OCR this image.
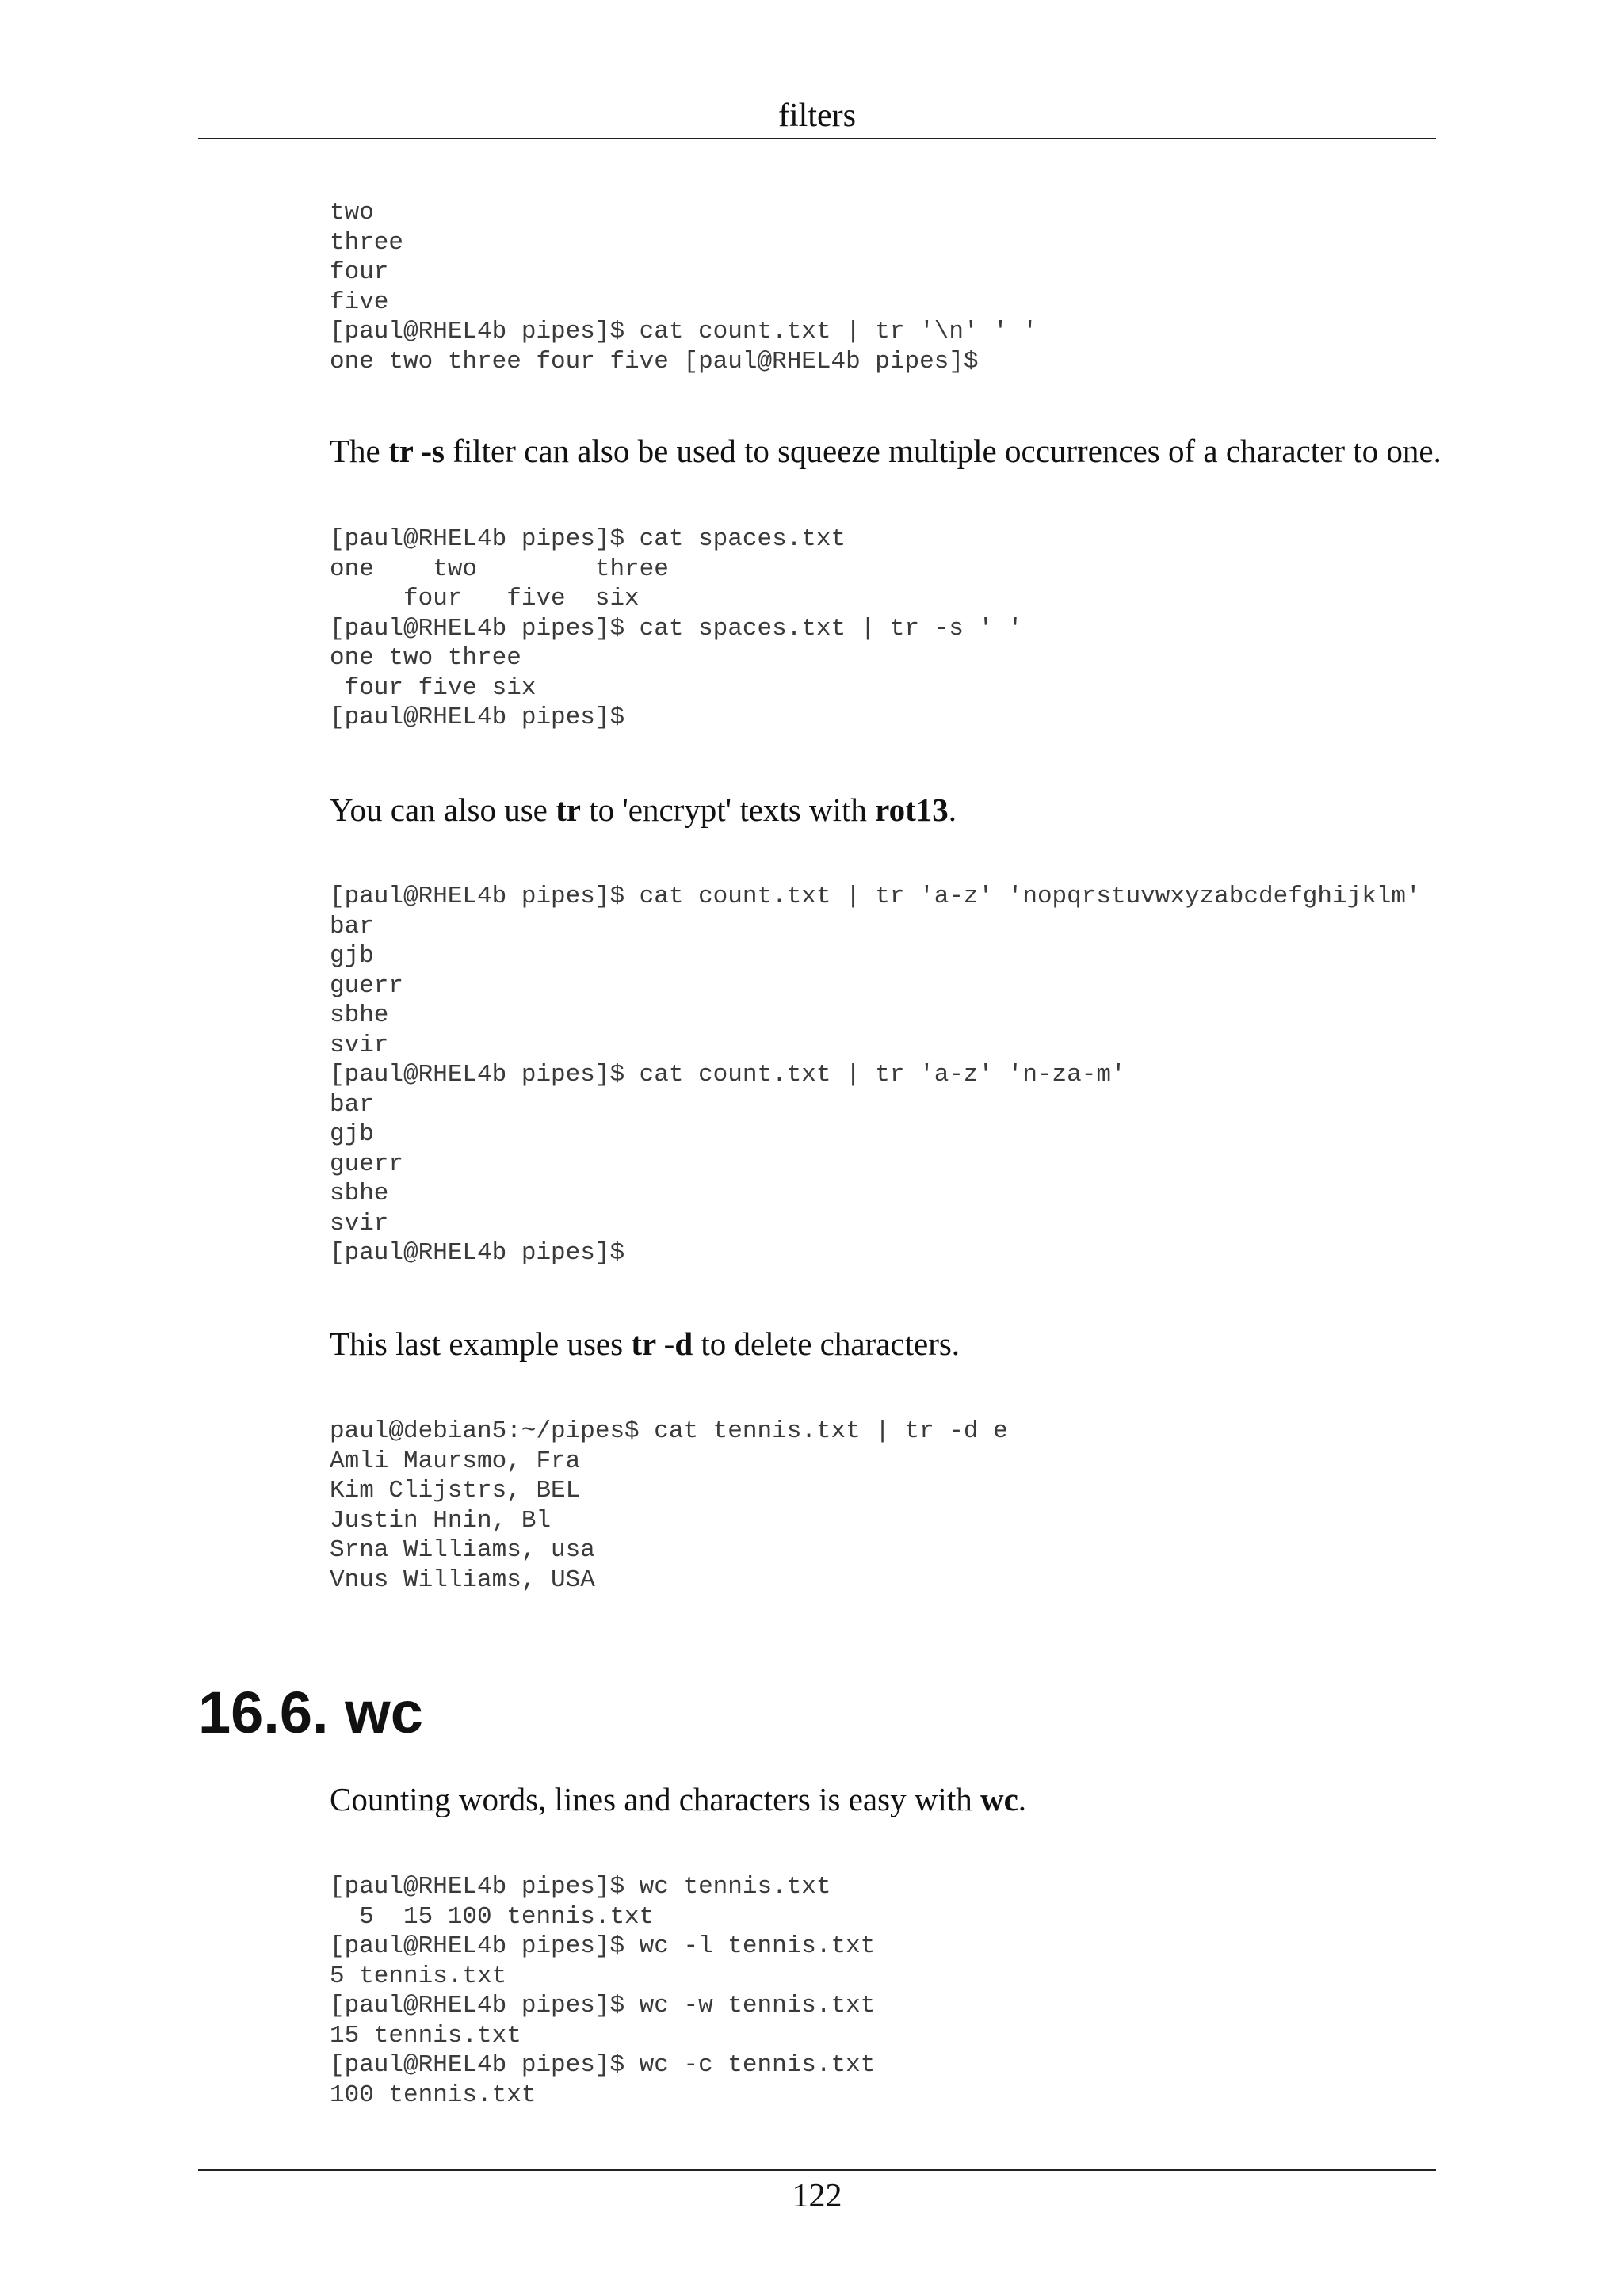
filters
two
three
four
five
[paul@RHEL4b pipes]$ cat count.txt | tr '\n' ' '
one two three four five [paul@RHEL4b pipes]$

The tr -s filter can also be used to squeeze multiple occurrences of a character to one.

[paul@RHEL4b pipes]$ cat spaces.txt
one    two        three
four   five  six
[paul@RHEL4b pipes]$ cat spaces.txt | tr -s ' '
one two three
four five six
[paul@RHEL4b pipes]$

You can also use tr to 'encrypt' texts with rot13.

[paul@RHEL4b pipes]$ cat count.txt | tr 'a-z' 'nopqrstuvwxyzabcdefghijklm'
bar
gjb
guerr
sbhe
svir
[paul@RHEL4b pipes]$ cat count.txt | tr 'a-z' 'n-za-m'
bar
gjb
guerr
sbhe
svir
[paul@RHEL4b pipes]$

This last example uses tr -d to delete characters.

paul@debian5:~/pipes$ cat tennis.txt | tr -d e
Amli Maursmo, Fra
Kim Clijstrs, BEL
Justin Hnin, Bl
Srna Williams, usa
Vnus Williams, USA
16.6. wc

Counting words, lines and characters is easy with wc.

[paul@RHEL4b pipes]$ wc tennis.txt
5  15 100 tennis.txt
[paul@RHEL4b pipes]$ wc -l tennis.txt
5 tennis.txt
[paul@RHEL4b pipes]$ wc -w tennis.txt
15 tennis.txt
[paul@RHEL4b pipes]$ wc -c tennis.txt
100 tennis.txt
122
